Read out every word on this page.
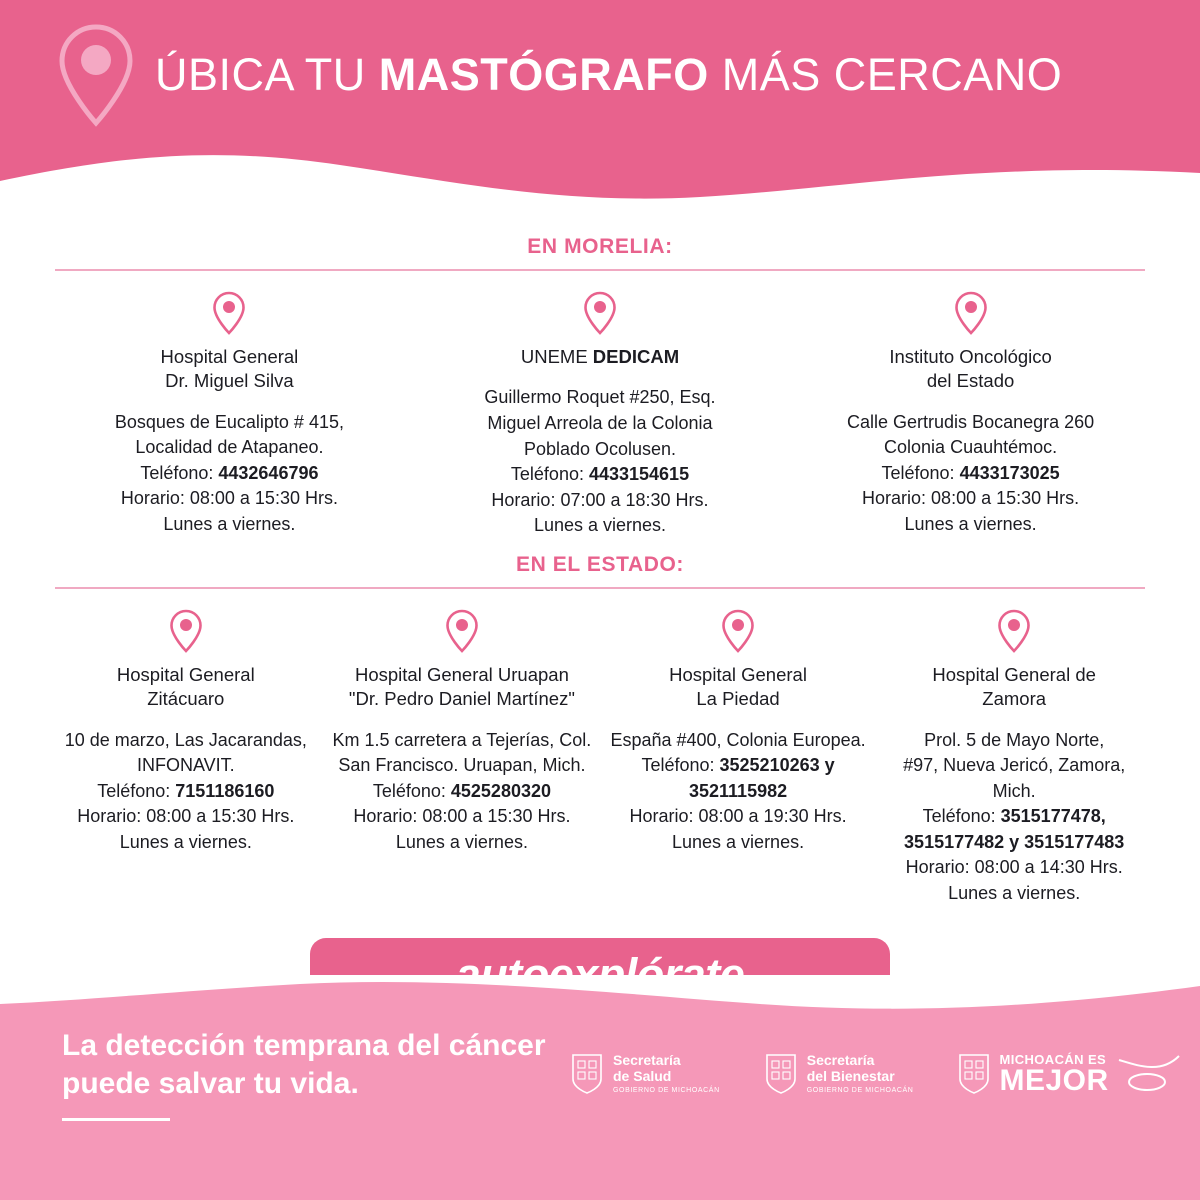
ÚBICA TU MASTÓGRAFO MÁS CERCANO
EN MORELIA:
Hospital General
Dr. Miguel Silva
Bosques de Eucalipto # 415,
Localidad de Atapaneo.
Teléfono: 4432646796
Horario: 08:00 a 15:30 Hrs.
Lunes a viernes.
UNEME DEDICAM
Guillermo Roquet #250, Esq.
Miguel Arreola de la Colonia
Poblado Ocolusen.
Teléfono: 4433154615
Horario: 07:00 a 18:30 Hrs.
Lunes a viernes.
Instituto Oncológico
del Estado
Calle Gertrudis Bocanegra 260
Colonia Cuauhtémoc.
Teléfono: 4433173025
Horario: 08:00 a 15:30 Hrs.
Lunes a viernes.
EN EL ESTADO:
Hospital General
Zitácuaro
10 de marzo, Las Jacarandas,
INFONAVIT.
Teléfono: 7151186160
Horario: 08:00 a 15:30 Hrs.
Lunes a viernes.
Hospital General Uruapan
"Dr. Pedro Daniel Martínez"
Km 1.5 carretera a Tejerías, Col.
San Francisco. Uruapan, Mich.
Teléfono: 4525280320
Horario: 08:00 a 15:30 Hrs.
Lunes a viernes.
Hospital General
La Piedad
España #400, Colonia Europea.
Teléfono: 3525210263 y 3521115982
Horario: 08:00 a 19:30 Hrs.
Lunes a viernes.
Hospital General de
Zamora
Prol. 5 de Mayo Norte,
#97, Nueva Jericó, Zamora, Mich.
Teléfono: 3515177478, 3515177482 y 3515177483
Horario: 08:00 a 14:30 Hrs.
Lunes a viernes.
La detección temprana del cáncer
puede salvar tu vida.
Secretaría
de Salud
GOBIERNO DE MICHOACÁN
Secretaría
del Bienestar
GOBIERNO DE MICHOACÁN
MICHOACÁN ES
MEJOR
